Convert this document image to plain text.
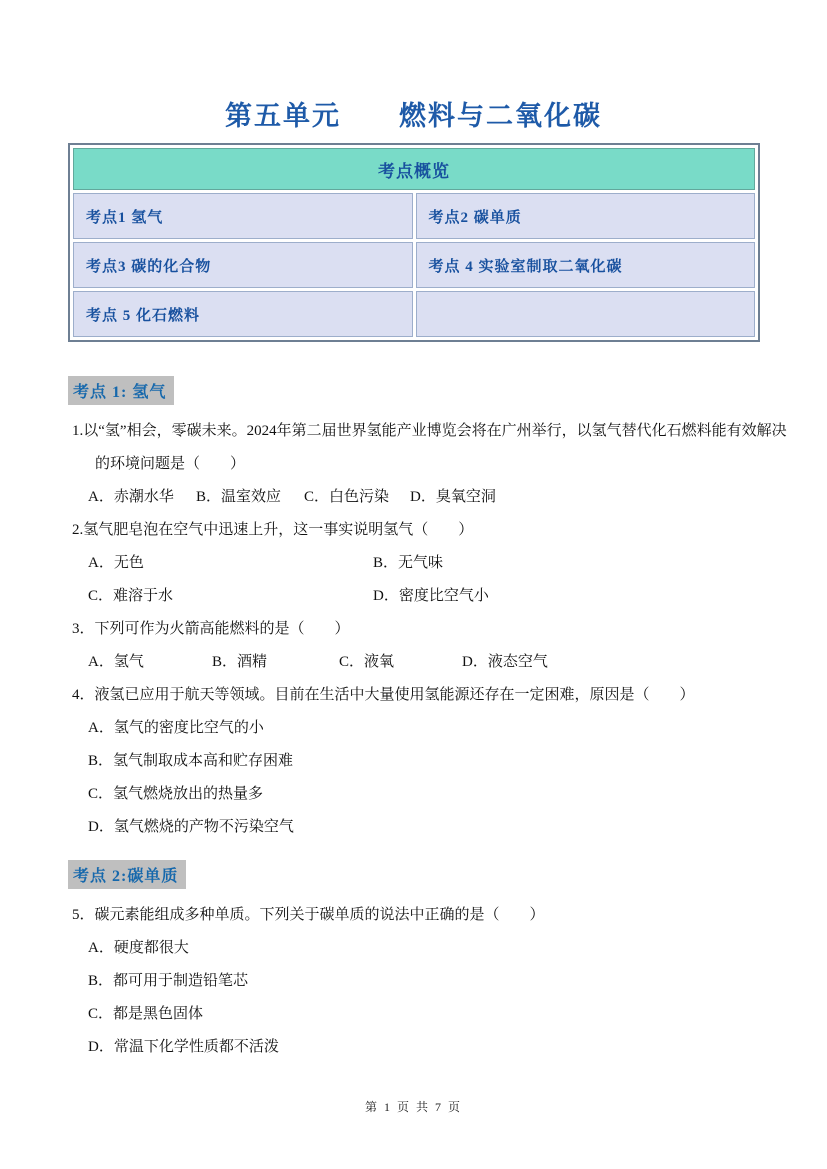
第五单元　　燃料与二氧化碳
考点概览	
考点1 氢气	考点2 碳单质
考点3 碳的化合物	考点 4 实验室制取二氧化碳
考点 5 化石燃料	
考点 1: 氢气

1.以“氢”相会，零碳未来。2024年第二届世界氢能产业博览会将在广州举行，以氢气替代化石燃料能有效解决的环境问题是（　　）

A．赤潮水华	B．温室效应	C．白色污染	D．臭氧空洞

2.氢气肥皂泡在空气中迅速上升，这一事实说明氢气（　　）

A．无色	B．无气味
C．难溶于水	D．密度比空气小

3．下列可作为火箭高能燃料的是（　　）

A．氢气	B．酒精	C．液氧	D．液态空气

4．液氢已应用于航天等领域。目前在生活中大量使用氢能源还存在一定困难，原因是（　　）

A．氢气的密度比空气的小
B．氢气制取成本高和贮存困难
C．氢气燃烧放出的热量多
D．氢气燃烧的产物不污染空气
考点 2:碳单质

5．碳元素能组成多种单质。下列关于碳单质的说法中正确的是（　　）

A．硬度都很大
B．都可用于制造铅笔芯
C．都是黑色固体
D．常温下化学性质都不活泼
第 1 页 共 7 页
